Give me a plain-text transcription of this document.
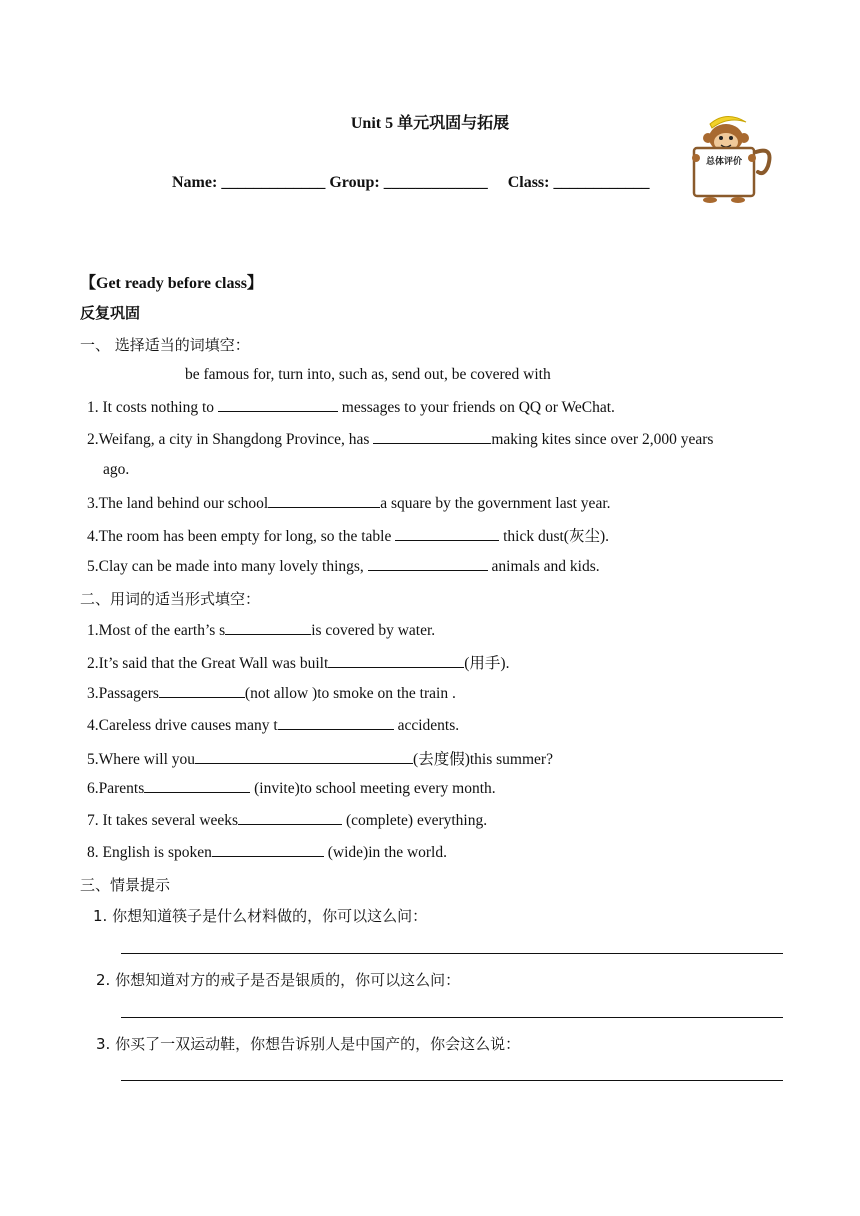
Unit 5 单元巩固与拓展
Name: _____________ Group: _____________ Class: ____________
总体评价
【Get ready before class】
反复巩固
一、 选择适当的词填空：
be famous for, turn into, such as, send out, be covered with
1. It costs nothing to	messages to your friends on QQ or WeChat.
2.Weifang, a city in Shangdong Province, has	making kites since over 2,000 years
ago.
3.The land behind our school	a square by the government last year.
4.The room has been empty for long, so the table	thick dust(灰尘).
5.Clay can be made into many lovely things,	animals and kids.
二、用词的适当形式填空：
1.Most of the earth’s s	is covered by water.
2.It’s said that the Great Wall was built	(用手).
3.Passagers	(not allow )to smoke on the train .
4.Careless drive causes many t	accidents.
5.Where will you	(去度假)this summer?
6.Parents	(invite)to school meeting every month.
7. It takes several weeks	(complete) everything.
8. English is spoken	(wide)in the world.
三、情景提示
1. 你想知道筷子是什么材料做的，你可以这么问：
2. 你想知道对方的戒子是否是银质的，你可以这么问：
3. 你买了一双运动鞋，你想告诉别人是中国产的，你会这么说：
